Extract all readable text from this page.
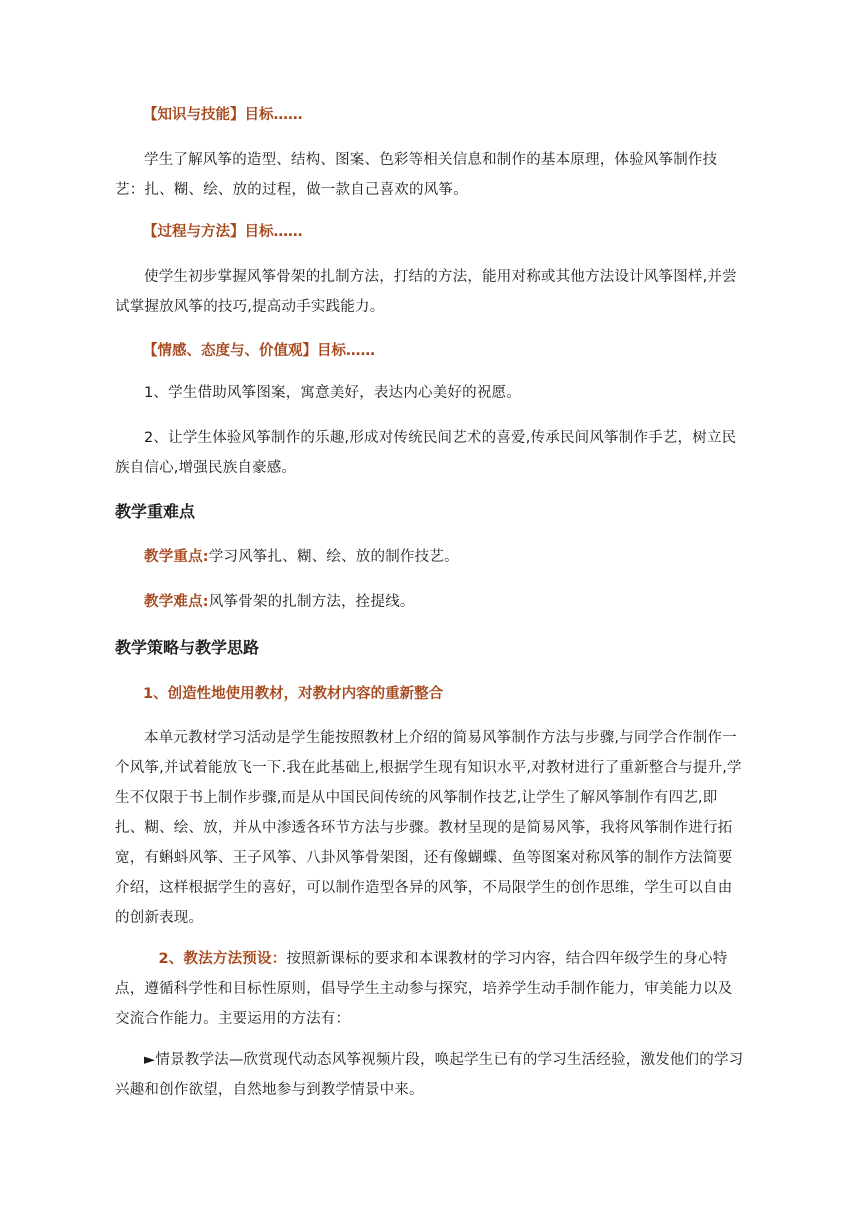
【知识与技能】目标……

学生了解风筝的造型、结构、图案、色彩等相关信息和制作的基本原理，体验风筝制作技艺：扎、糊、绘、放的过程，做一款自己喜欢的风筝。

【过程与方法】目标……

使学生初步掌握风筝骨架的扎制方法，打结的方法，能用对称或其他方法设计风筝图样,并尝试掌握放风筝的技巧,提高动手实践能力。

【情感、态度与、价值观】目标……

1、学生借助风筝图案，寓意美好，表达内心美好的祝愿。

2、让学生体验风筝制作的乐趣,形成对传统民间艺术的喜爱,传承民间风筝制作手艺，树立民族自信心,增强民族自豪感。

教学重难点

教学重点:学习风筝扎、糊、绘、放的制作技艺。

教学难点:风筝骨架的扎制方法，拴提线。

教学策略与教学思路

1、创造性地使用教材，对教材内容的重新整合

本单元教材学习活动是学生能按照教材上介绍的简易风筝制作方法与步骤,与同学合作制作一个风筝,并试着能放飞一下.我在此基础上,根据学生现有知识水平,对教材进行了重新整合与提升,学生不仅限于书上制作步骤,而是从中国民间传统的风筝制作技艺,让学生了解风筝制作有四艺,即扎、糊、绘、放，并从中渗透各环节方法与步骤。教材呈现的是简易风筝，我将风筝制作进行拓宽，有蝌蚪风筝、王子风筝、八卦风筝骨架图，还有像蝴蝶、鱼等图案对称风筝的制作方法简要介绍，这样根据学生的喜好，可以制作造型各异的风筝，不局限学生的创作思维，学生可以自由的创新表现。

2、教法方法预设：按照新课标的要求和本课教材的学习内容，结合四年级学生的身心特点，遵循科学性和目标性原则，倡导学生主动参与探究，培养学生动手制作能力，审美能力以及交流合作能力。主要运用的方法有：

►情景教学法—欣赏现代动态风筝视频片段，唤起学生已有的学习生活经验，激发他们的学习兴趣和创作欲望，自然地参与到教学情景中来。
